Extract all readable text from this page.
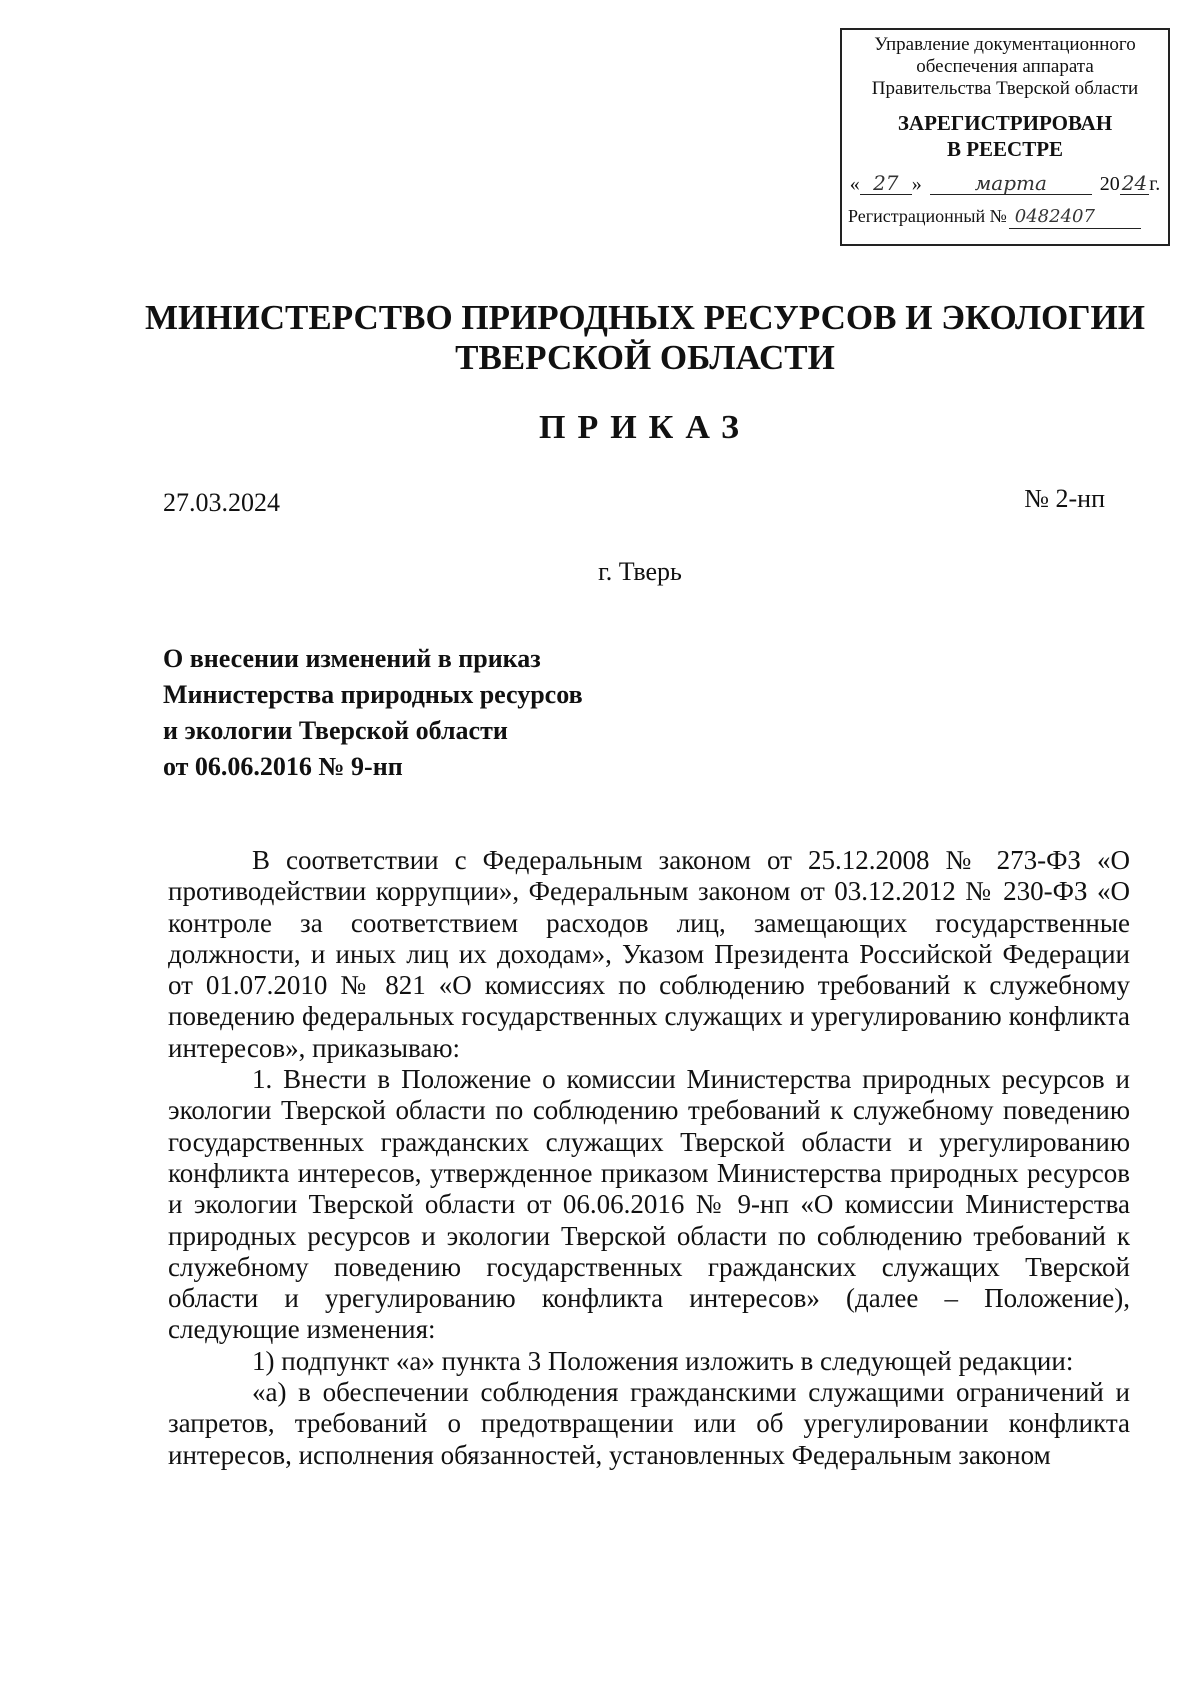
Управление документационного
обеспечения аппарата
Правительства Тверской области
ЗАРЕГИСТРИРОВАН
В РЕЕСТРЕ
« 27 »	марта	20 24 г.
Регистрационный № 0482407
МИНИСТЕРСТВО ПРИРОДНЫХ РЕСУРСОВ И ЭКОЛОГИИ
ТВЕРСКОЙ ОБЛАСТИ
ПРИКАЗ
27.03.2024	№ 2-нп
г. Тверь
О внесении изменений в приказ
Министерства природных ресурсов
и экологии Тверской области
от 06.06.2016 № 9-нп

В соответствии с Федеральным законом от 25.12.2008 № 273-ФЗ «О противодействии коррупции», Федеральным законом от 03.12.2012 № 230-ФЗ «О контроле за соответствием расходов лиц, замещающих государственные должности, и иных лиц их доходам», Указом Президента Российской Федерации от 01.07.2010 № 821 «О комиссиях по соблюдению требований к служебному поведению федеральных государственных служащих и урегулированию конфликта интересов», приказываю:

1. Внести в Положение о комиссии Министерства природных ресурсов и экологии Тверской области по соблюдению требований к служебному поведению государственных гражданских служащих Тверской области и урегулированию конфликта интересов, утвержденное приказом Министерства природных ресурсов и экологии Тверской области от 06.06.2016 № 9-нп «О комиссии Министерства природных ресурсов и экологии Тверской области по соблюдению требований к служебному поведению государственных гражданских служащих Тверской области и урегулированию конфликта интересов» (далее – Положение), следующие изменения:

1) подпункт «а» пункта 3 Положения изложить в следующей редакции:

«а) в обеспечении соблюдения гражданскими служащими ограничений и запретов, требований о предотвращении или об урегулировании конфликта интересов, исполнения обязанностей, установленных Федеральным законом
